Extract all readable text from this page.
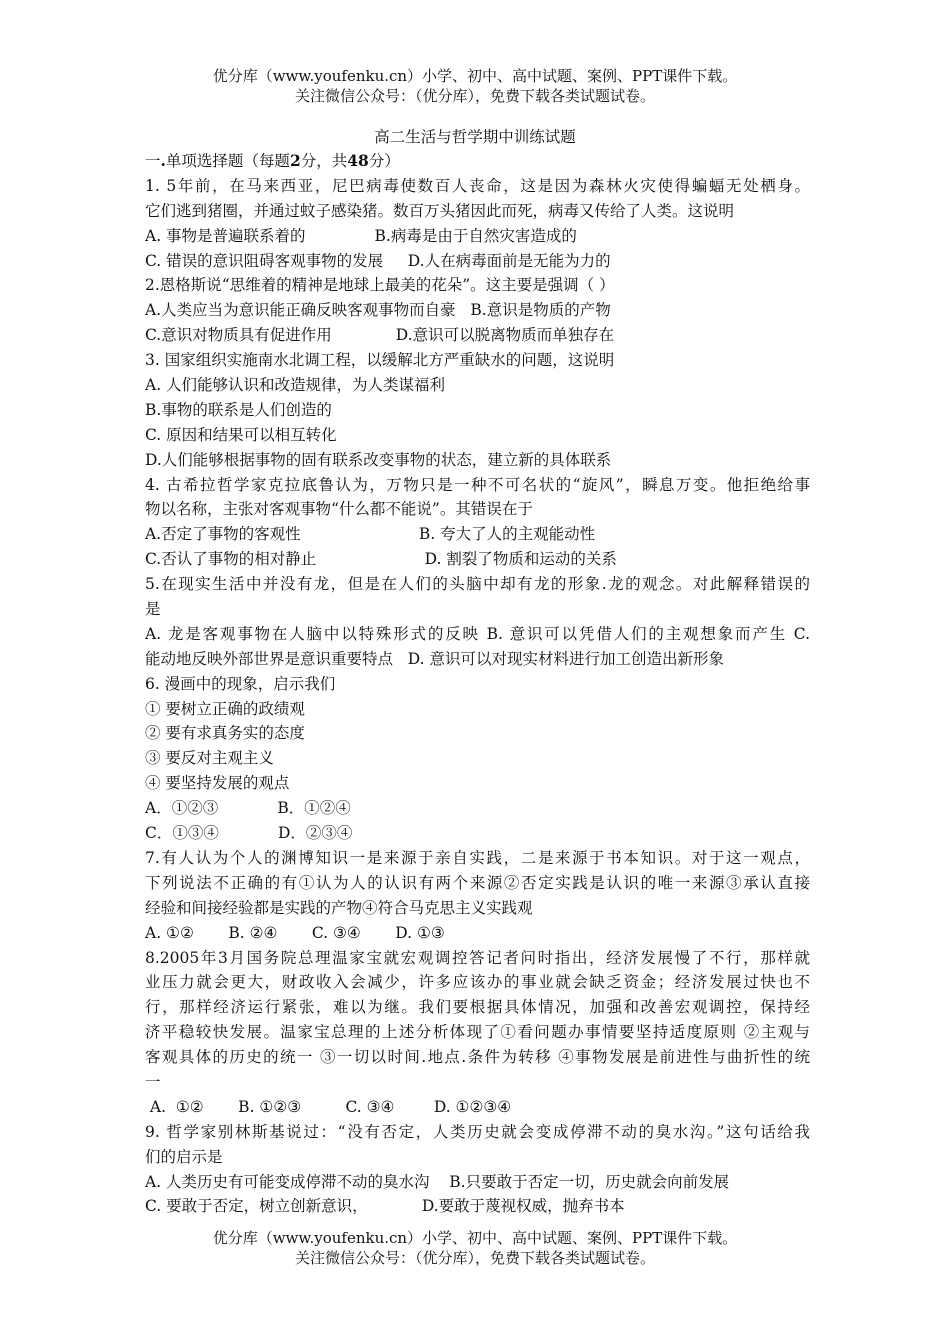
优分库（www.youfenku.cn）小学、初中、高中试题、案例、PPT课件下载。
关注微信公众号：（优分库），免费下载各类试题试卷。
高二生活与哲学期中训练试题
一.单项选择题（每题2分，共48分）
1. 5年前，在马来西亚，尼巴病毒使数百人丧命，这是因为森林火灾使得蝙蝠无处栖身。
它们逃到猪圈，并通过蚊子感染猪。数百万头猪因此而死，病毒又传给了人类。这说明
A. 事物是普遍联系着的              B.病毒是由于自然灾害造成的
C. 错误的意识阻碍客观事物的发展     D.人在病毒面前是无能为力的
2.恩格斯说“思维着的精神是地球上最美的花朵”。这主要是强调（ ）
A.人类应当为意识能正确反映客观事物而自豪   B.意识是物质的产物
C.意识对物质具有促进作用             D.意识可以脱离物质而单独存在
3. 国家组织实施南水北调工程，以缓解北方严重缺水的问题，这说明
A. 人们能够认识和改造规律，为人类谋福利
B.事物的联系是人们创造的
C. 原因和结果可以相互转化
D.人们能够根据事物的固有联系改变事物的状态，建立新的具体联系
4. 古希拉哲学家克拉底鲁认为，万物只是一种不可名状的“旋风”，瞬息万变。他拒绝给事
物以名称，主张对客观事物“什么都不能说”。其错误在于
A.否定了事物的客观性                        B. 夸大了人的主观能动性
C.否认了事物的相对静止                      D. 割裂了物质和运动的关系
5.在现实生活中并没有龙，但是在人们的头脑中却有龙的形象.龙的观念。对此解释错误的
是
A. 龙是客观事物在人脑中以特殊形式的反映 B. 意识可以凭借人们的主观想象而产生 C.
能动地反映外部世界是意识重要特点   D. 意识可以对现实材料进行加工创造出新形象
6. 漫画中的现象，启示我们
① 要树立正确的政绩观
② 要有求真务实的态度
③ 要反对主观主义
④ 要坚持发展的观点
A．①②③            B．①②④
C．①③④            D．②③④
7.有人认为个人的渊博知识一是来源于亲自实践，二是来源于书本知识。对于这一观点，
下列说法不正确的有①认为人的认识有两个来源②否定实践是认识的唯一来源③承认直接
经验和间接经验都是实践的产物④符合马克思主义实践观
A. ①②       B. ②④       C. ③④       D. ①③
8.2005年3月国务院总理温家宝就宏观调控答记者问时指出，经济发展慢了不行，那样就
业压力就会更大，财政收入会减少，许多应该办的事业就会缺乏资金；经济发展过快也不
行，那样经济运行紧张，难以为继。我们要根据具体情况，加强和改善宏观调控，保持经
济平稳较快发展。温家宝总理的上述分析体现了①看问题办事情要坚持适度原则 ②主观与
客观具体的历史的统一 ③一切以时间.地点.条件为转移 ④事物发展是前进性与曲折性的统
一
A.  ①②       B. ①②③         C. ③④        D. ①②③④
9. 哲学家别林斯基说过：“没有否定，人类历史就会变成停滞不动的臭水沟。”这句话给我
们的启示是
A. 人类历史有可能变成停滞不动的臭水沟    B.只要敢于否定一切，历史就会向前发展
C. 要敢于否定，树立创新意识，           D.要敢于蔑视权威，抛弃书本
优分库（www.youfenku.cn）小学、初中、高中试题、案例、PPT课件下载。
关注微信公众号：（优分库），免费下载各类试题试卷。
